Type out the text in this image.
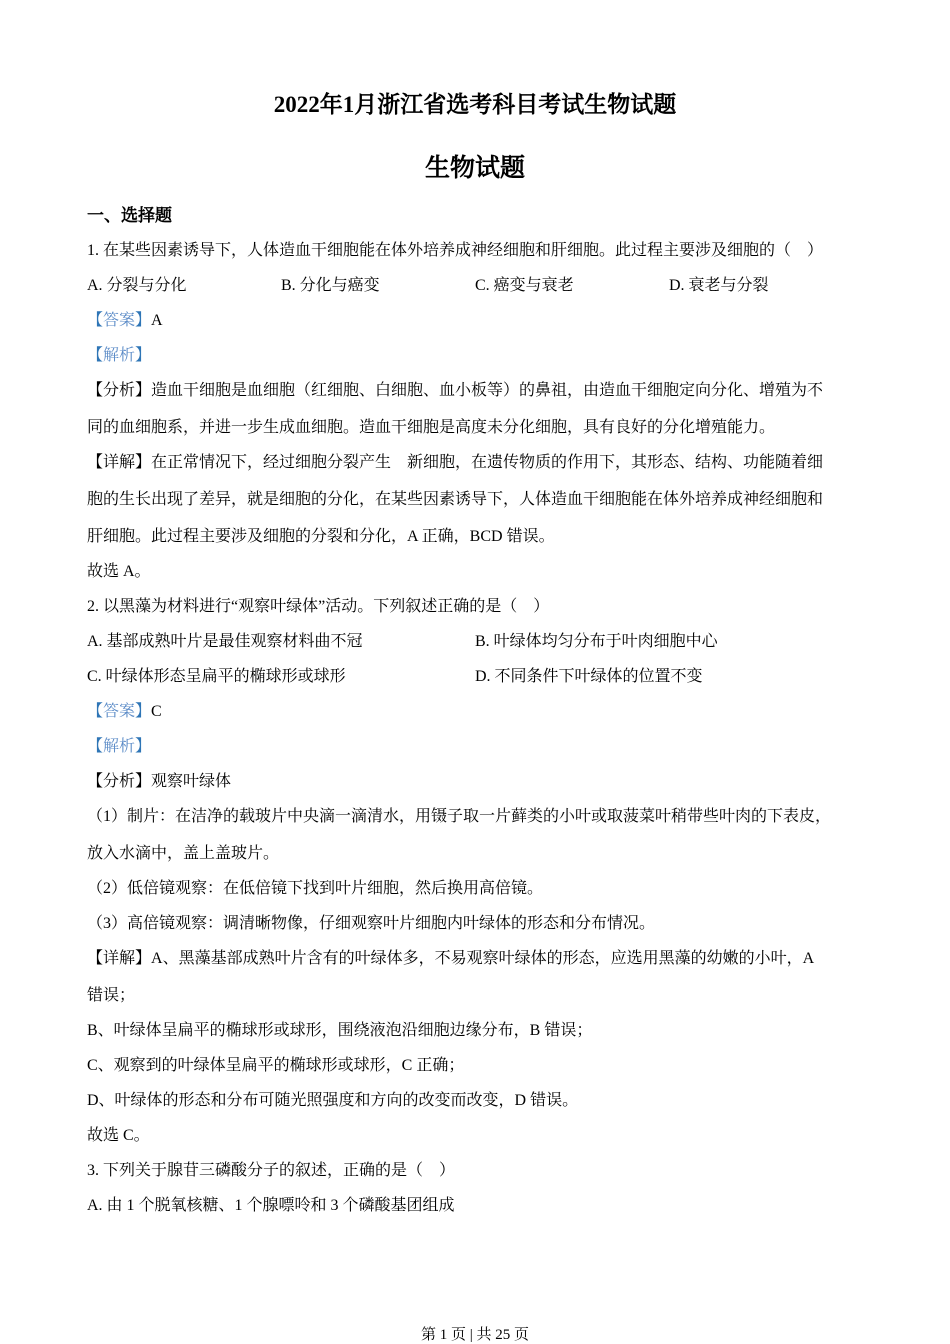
2022年1月浙江省选考科目考试生物试题
生物试题
一、选择题
1. 在某些因素诱导下，人体造血干细胞能在体外培养成神经细胞和肝细胞。此过程主要涉及细胞的（　）
A. 分裂与分化	B. 分化与癌变	C. 癌变与衰老	D. 衰老与分裂
【答案】A
【解析】
【分析】造血干细胞是血细胞（红细胞、白细胞、血小板等）的鼻祖，由造血干细胞定向分化、增殖为不
同的血细胞系，并进一步生成血细胞。造血干细胞是高度未分化细胞，具有良好的分化增殖能力。
【详解】在正常情况下，经过细胞分裂产生　新细胞，在遗传物质的作用下，其形态、结构、功能随着细
胞的生长出现了差异，就是细胞的分化，在某些因素诱导下，人体造血干细胞能在体外培养成神经细胞和
肝细胞。此过程主要涉及细胞的分裂和分化，A 正确，BCD 错误。
故选 A。
2. 以黑藻为材料进行“观察叶绿体”活动。下列叙述正确的是（　）
A. 基部成熟叶片是最佳观察材料曲不冠	B. 叶绿体均匀分布于叶肉细胞中心
C. 叶绿体形态呈扁平的椭球形或球形	D. 不同条件下叶绿体的位置不变
【答案】C
【解析】
【分析】观察叶绿体
（1）制片：在洁净的载玻片中央滴一滴清水，用镊子取一片藓类的小叶或取菠菜叶稍带些叶肉的下表皮，
放入水滴中，盖上盖玻片。
（2）低倍镜观察：在低倍镜下找到叶片细胞，然后换用高倍镜。
（3）高倍镜观察：调清晰物像，仔细观察叶片细胞内叶绿体的形态和分布情况。
【详解】A、黑藻基部成熟叶片含有的叶绿体多，不易观察叶绿体的形态，应选用黑藻的幼嫩的小叶，A
错误；
B、叶绿体呈扁平的椭球形或球形，围绕液泡沿细胞边缘分布，B 错误；
C、观察到的叶绿体呈扁平的椭球形或球形，C 正确；
D、叶绿体的形态和分布可随光照强度和方向的改变而改变，D 错误。
故选 C。
3. 下列关于腺苷三磷酸分子的叙述，正确的是（　）
A. 由 1 个脱氧核糖、1 个腺嘌呤和 3 个磷酸基团组成
第 1 页 | 共 25 页
